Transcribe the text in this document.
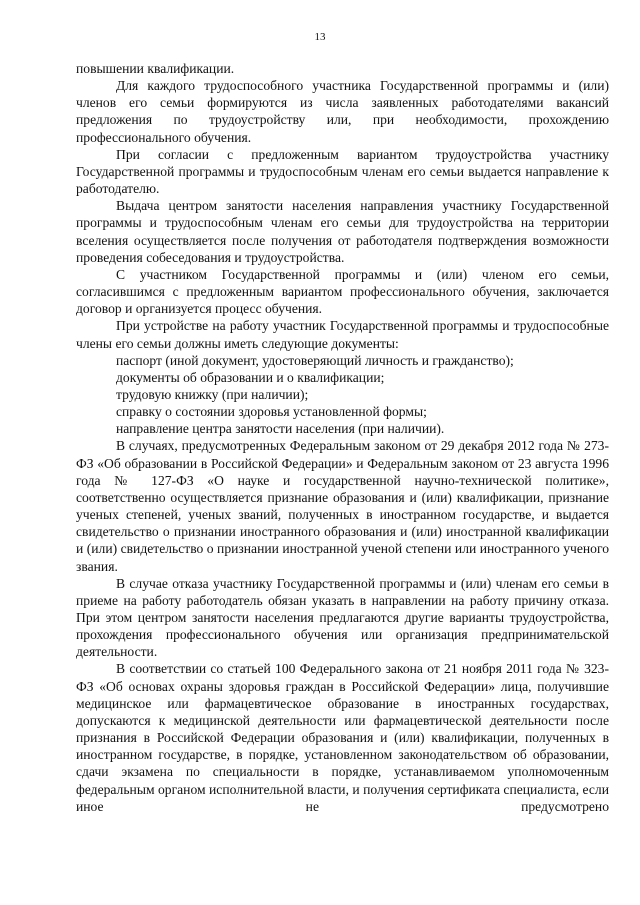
13

повышении квалификации.

Для каждого трудоспособного участника Государственной программы и (или) членов его семьи формируются из числа заявленных работодателями вакансий предложения по трудоустройству или, при необходимости, прохождению профессионального обучения.

При согласии с предложенным вариантом трудоустройства участнику Государственной программы и трудоспособным членам его семьи выдается направление к работодателю.

Выдача центром занятости населения направления участнику Государственной программы и трудоспособным членам его семьи для трудоустройства на территории вселения осуществляется после получения от работодателя подтверждения возможности проведения собеседования и трудоустройства.

С участником Государственной программы и (или) членом его семьи, согласившимся с предложенным вариантом профессионального обучения, заключается договор и организуется процесс обучения.

При устройстве на работу участник Государственной программы и трудоспособные члены его семьи должны иметь следующие документы:

паспорт (иной документ, удостоверяющий личность и гражданство);

документы об образовании и о квалификации;

трудовую книжку (при наличии);

справку о состоянии здоровья установленной формы;

направление центра занятости населения (при наличии).

В случаях, предусмотренных Федеральным законом от 29 декабря 2012 года № 273-ФЗ «Об образовании в Российской Федерации» и Федеральным законом от 23 августа 1996 года № 127-ФЗ «О науке и государственной научно-технической политике», соответственно осуществляется признание образования и (или) квалификации, признание ученых степеней, ученых званий, полученных в иностранном государстве, и выдается свидетельство о признании иностранного образования и (или) иностранной квалификации и (или) свидетельство о признании иностранной ученой степени или иностранного ученого звания.

В случае отказа участнику Государственной программы и (или) членам его семьи в приеме на работу работодатель обязан указать в направлении на работу причину отказа. При этом центром занятости населения предлагаются другие варианты трудоустройства, прохождения профессионального обучения или организация предпринимательской деятельности.

В соответствии со статьей 100 Федерального закона от 21 ноября 2011 года № 323-ФЗ «Об основах охраны здоровья граждан в Российской Федерации» лица, получившие медицинское или фармацевтическое образование в иностранных государствах, допускаются к медицинской деятельности или фармацевтической деятельности после признания в Российской Федерации образования и (или) квалификации, полученных в иностранном государстве, в порядке, установленном законодательством об образовании, сдачи экзамена по специальности в порядке, устанавливаемом уполномоченным федеральным органом исполнительной власти, и получения сертификата специалиста, если иное не предусмотрено
